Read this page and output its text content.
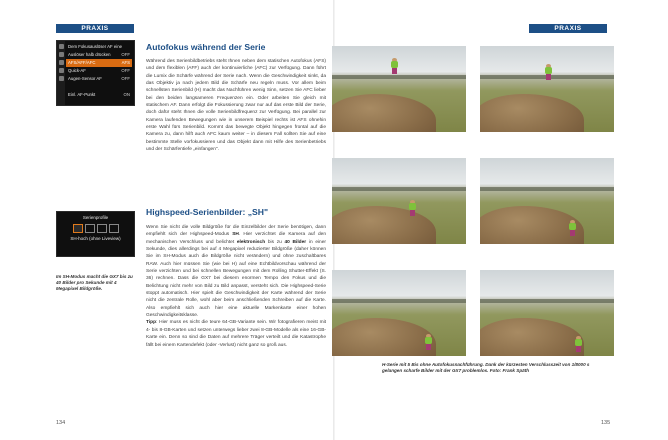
PRAXIS	PRAXIS
Dem Fokusauslöser AF eine
Auslöser halb drücken	OFF
AFS/AFF/AFC	AFS
Quick-AF	OFF
Augen-Sensor AF	OFF
Einl. AF-Punkt	ON
Serienprofile
SH-hoch (ohne Liveview)
Im SH-Modus macht die GX7 bis zu 40 Bilder pro Sekunde mit 4 Megapixel Bildgröße.
Autofokus während der Serie
Während des Serienbildbetriebs steht Ihnen neben dem statischen Autofokus (AFS) und dem flexiblen (AFF) auch der kontinuierliche (AFC) zur Verfügung. Dann führt die Lumix die Schärfe während der Serie nach. Wenn die Geschwindigkeit sinkt, da das Objektiv ja nach jedem Bild die Schärfe neu regeln muss. Vor allem beim schnellsten Serienbild (H) macht das Nachführen wenig Sinn, setzen Sie AFC lieber bei den beiden langsameren Frequenzen ein. Oder arbeiten Sie gleich mit statischem AF. Dann erfolgt die Fokussierung zwar nur auf das erste Bild der Serie, doch dafür steht Ihnen die volle Serienbildfrequenz zur Verfügung. Bei parallel zur Kamera laufenden Bewegungen wie in unserem Beispiel rechts ist AFS ohnehin erste Wahl fürs Serienbild. Kommt das bewegte Objekt hingegen frontal auf die Kamera zu, dann hilft auch AFC kaum weiter – in diesem Fall sollten Sie auf eine bestimmte Stelle vorfokussieren und das Objekt dann mit Hilfe des Serienbetriebs und der Schärfentiefe „einfangen".
Highspeed-Serienbilder: „SH"
Wenn Sie nicht die volle Bildgröße für die Einzelbilder der Serie benötigen, dann empfiehlt sich der Highspeed-Modus SH. Hier verzichtet die Kamera auf den mechanischen Verschluss und belichtet elektronisch bis zu 40 Bilder in einer Sekunde, dies allerdings bei auf 4 Megapixel reduzierter Bildgröße (daher können Sie im SH-Modus auch die Bildgröße nicht verändern) und ohne zuschaltbares RAW. Auch hier müssen Sie (wie bei H) auf eine Echtbildvorschau während der Serie verzichten und bei schnellen Bewegungen mit dem Rolling Shutter-Effekt (S. 36) rechnen. Dass die GX7 bei diesem enormen Tempo den Fokus und die Belichtung nicht mehr von Bild zu Bild anpasst, versteht sich. Die Highspeed-Serie stoppt automatisch. Hier spielt die Geschwindigkeit der Karte während der Serie nicht die zentrale Rolle, wohl aber beim anschließenden Schreiben auf die Karte. Also empfiehlt sich auch hier eine aktuelle Markenkarte einer hohen Geschwindigkeitsklasse.
Tipp: Hier muss es nicht die teure 64-GB-Variante sein. Wir fotografieren meist mit 4- bis 8-GB-Karten und setzen unterwegs lieber zwei 8-GB-Modelle als eine 16-GB-Karte ein. Denn so sind die Daten auf mehrere Träger verteilt und die Katastrophe fällt bei einem Kartendefekt (oder -Verlust) nicht ganz so groß aus.
134
H-Serie mit 5 Bis ohne Autofokusnachführung. Dank der kürzesten Verschlusszeit von 1/8000 s gelangen scharfe Bilder mit der GX7 problemlos. Foto: Frank Späth
135
